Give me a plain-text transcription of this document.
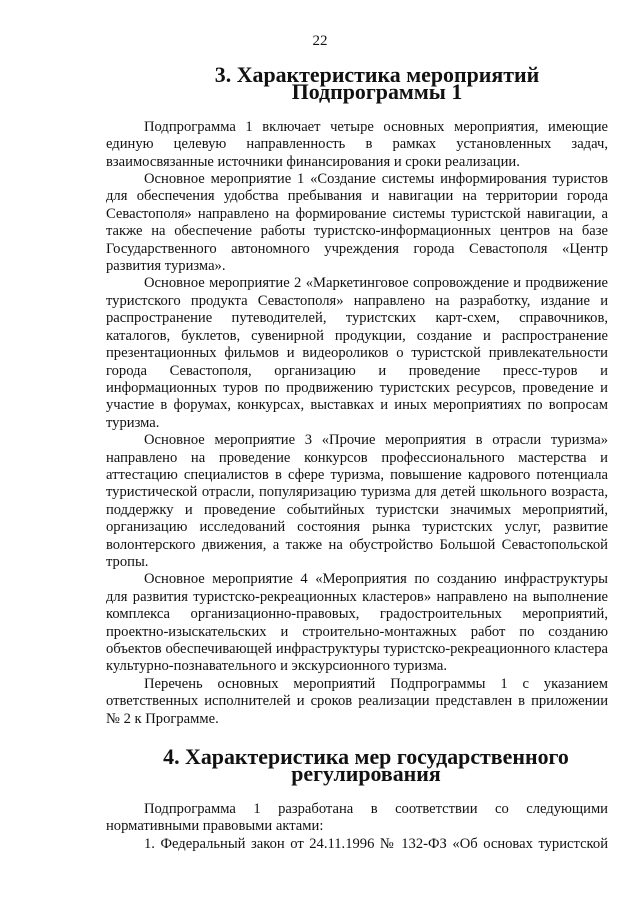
22
3. Характеристика мероприятий Подпрограммы 1

Подпрограмма 1 включает четыре основных мероприятия, имеющие единую целевую направленность в рамках установленных задач, взаимосвязанные источники финансирования и сроки реализации.

Основное мероприятие 1 «Создание системы информирования туристов для обеспечения удобства пребывания и навигации на территории города Севастополя» направлено на формирование системы туристской навигации, а также на обеспечение работы туристско-информационных центров на базе Государственного автономного учреждения города Севастополя «Центр развития туризма».

Основное мероприятие 2 «Маркетинговое сопровождение и продвижение туристского продукта Севастополя» направлено на разработку, издание и распространение путеводителей, туристских карт-схем, справочников, каталогов, буклетов, сувенирной продукции, создание и распространение презентационных фильмов и видеороликов о туристской привлекательности города Севастополя, организацию и проведение пресс-туров и информационных туров по продвижению туристских ресурсов, проведение и участие в форумах, конкурсах, выставках и иных мероприятиях по вопросам туризма.

Основное мероприятие 3 «Прочие мероприятия в отрасли туризма» направлено на проведение конкурсов профессионального мастерства и аттестацию специалистов в сфере туризма, повышение кадрового потенциала туристической отрасли, популяризацию туризма для детей школьного возраста, поддержку и проведение событийных туристски значимых мероприятий, организацию исследований состояния рынка туристских услуг, развитие волонтерского движения, а также на обустройство Большой Севастопольской тропы.

Основное мероприятие 4 «Мероприятия по созданию инфраструктуры для развития туристско-рекреационных кластеров» направлено на выполнение комплекса организационно-правовых, градостроительных мероприятий, проектно-изыскательских и строительно-монтажных работ по созданию объектов обеспечивающей инфраструктуры туристско-рекреационного кластера культурно-познавательного и экскурсионного туризма.

Перечень основных мероприятий Подпрограммы 1 с указанием ответственных исполнителей и сроков реализации представлен в приложении № 2 к Программе.

4. Характеристика мер государственного регулирования

Подпрограмма 1 разработана в соответствии со следующими нормативными правовыми актами:

1. Федеральный закон от 24.11.1996 № 132-ФЗ «Об основах туристской
